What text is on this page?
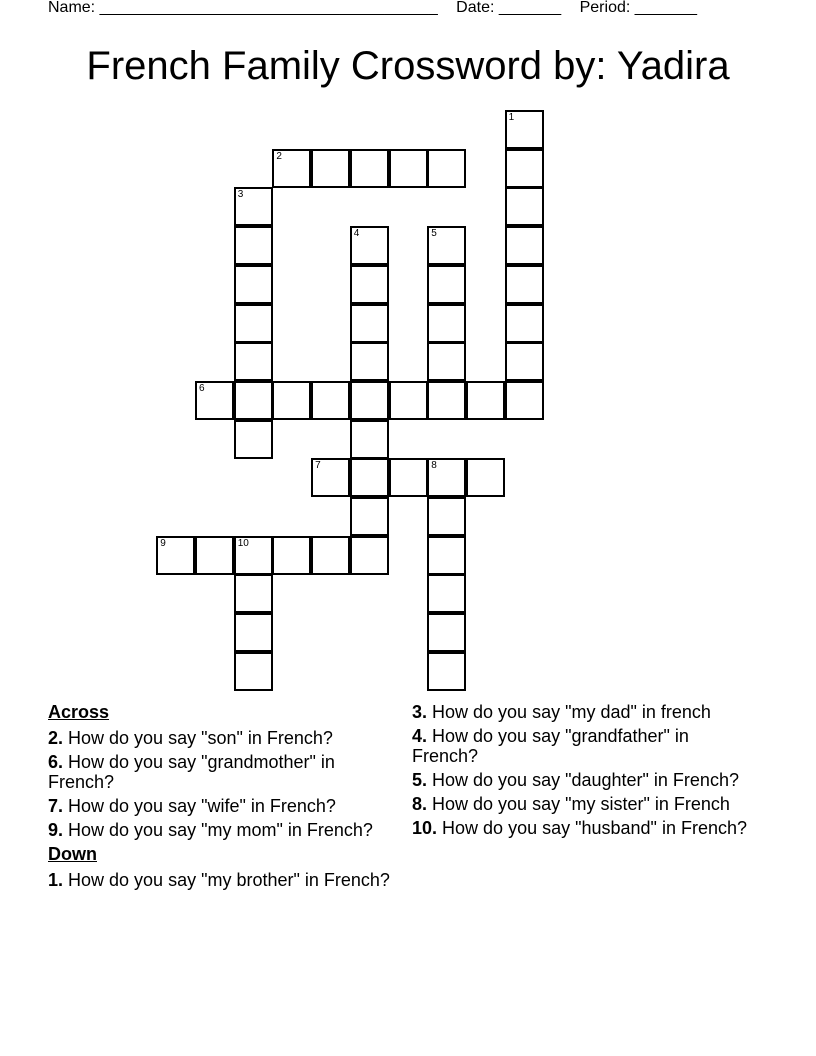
Name: ______________________________________ Date: _______ Period: _______
French Family Crossword by: Yadira
1
2
3
4	5
6
7	8
9	10
Across
2. How do you say "son" in French?
6. How do you say "grandmother" in French?
7. How do you say "wife" in French?
9. How do you say "my mom" in French?
Down
1. How do you say "my brother" in French?
3. How do you say "my dad" in french
4. How do you say "grandfather" in French?
5. How do you say "daughter" in French?
8. How do you say "my sister" in French
10. How do you say "husband" in French?
